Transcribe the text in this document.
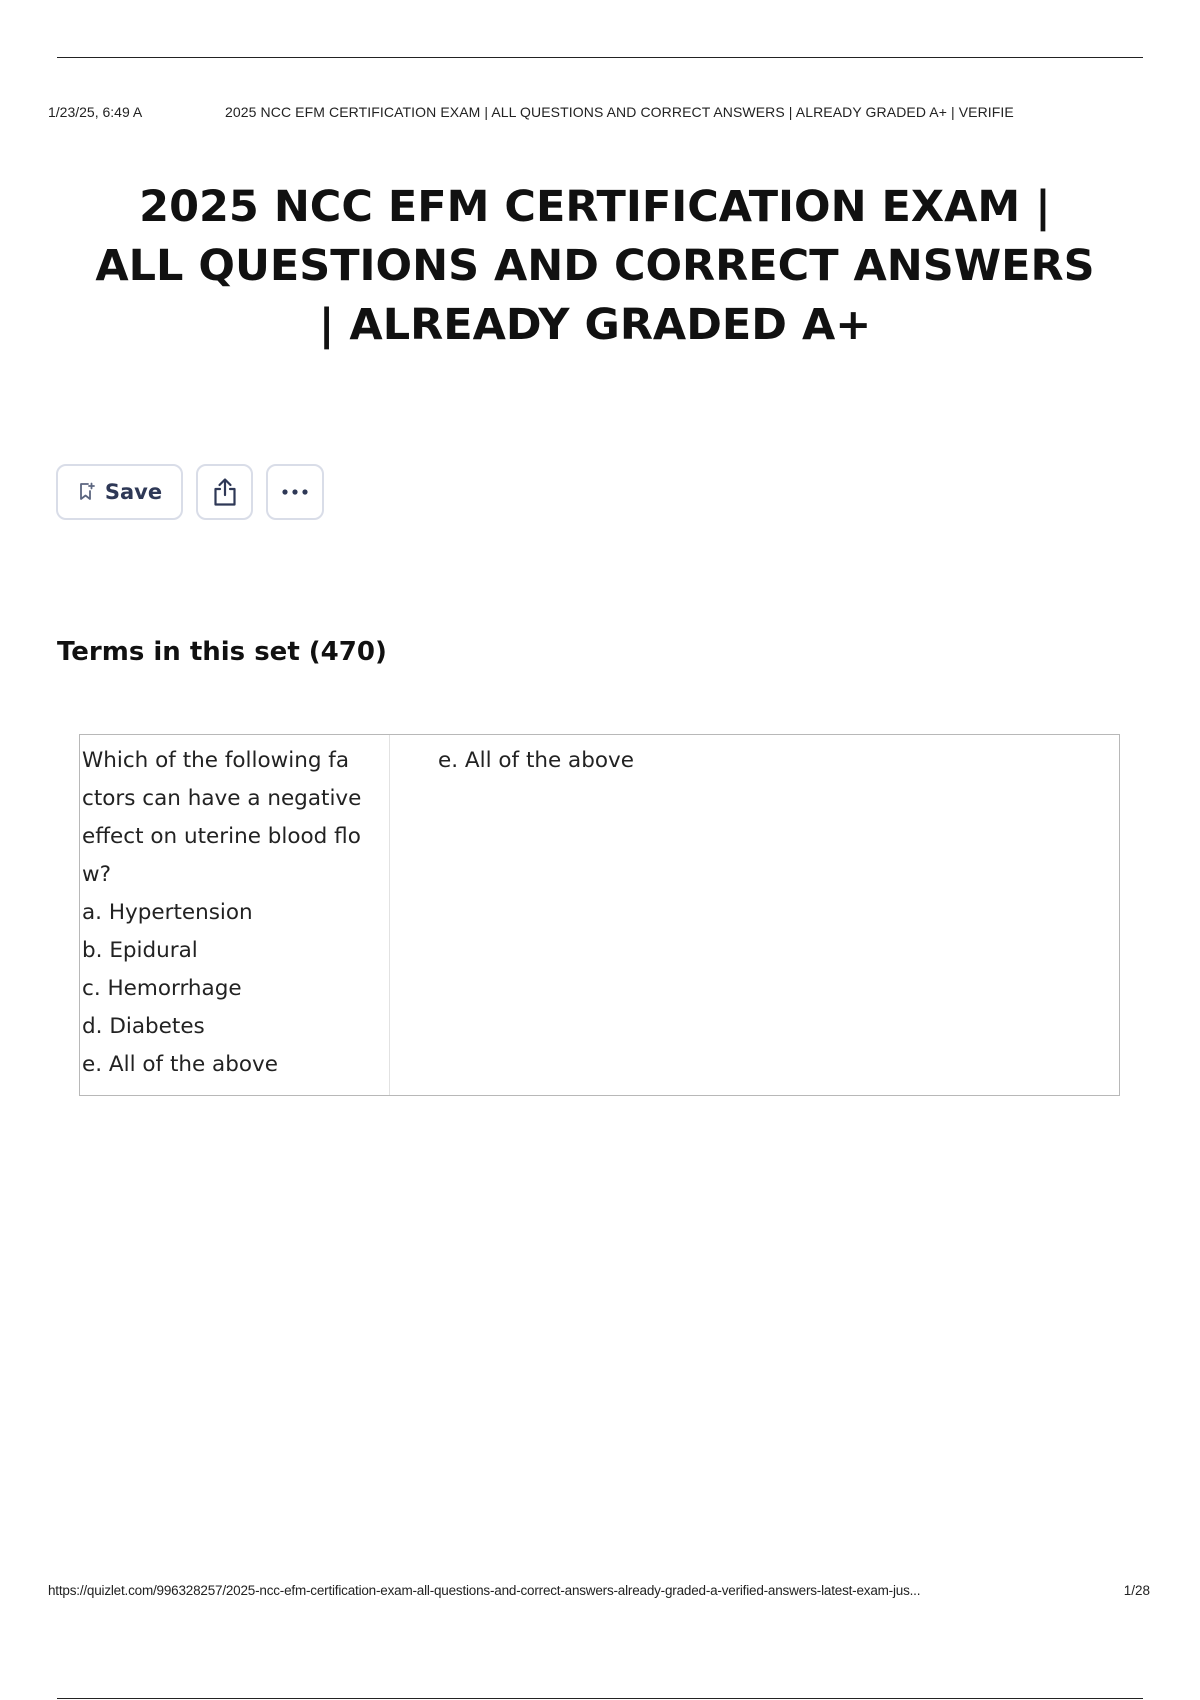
1/23/25, 6:49 A	2025 NCC EFM CERTIFICATION EXAM | ALL QUESTIONS AND CORRECT ANSWERS | ALREADY GRADED A+ | VERIFIE
2025 NCC EFM CERTIFICATION EXAM | ALL QUESTIONS AND CORRECT ANSWERS | ALREADY GRADED A+
Save
Terms in this set (470)
Which of the following fa
ctors can have a negative
effect on uterine blood flo
w?
a. Hypertension
b. Epidural
c. Hemorrhage
d. Diabetes
e. All of the above
e. All of the above
https://quizlet.com/996328257/2025-ncc-efm-certification-exam-all-questions-and-correct-answers-already-graded-a-verified-answers-latest-exam-jus...	1/28
